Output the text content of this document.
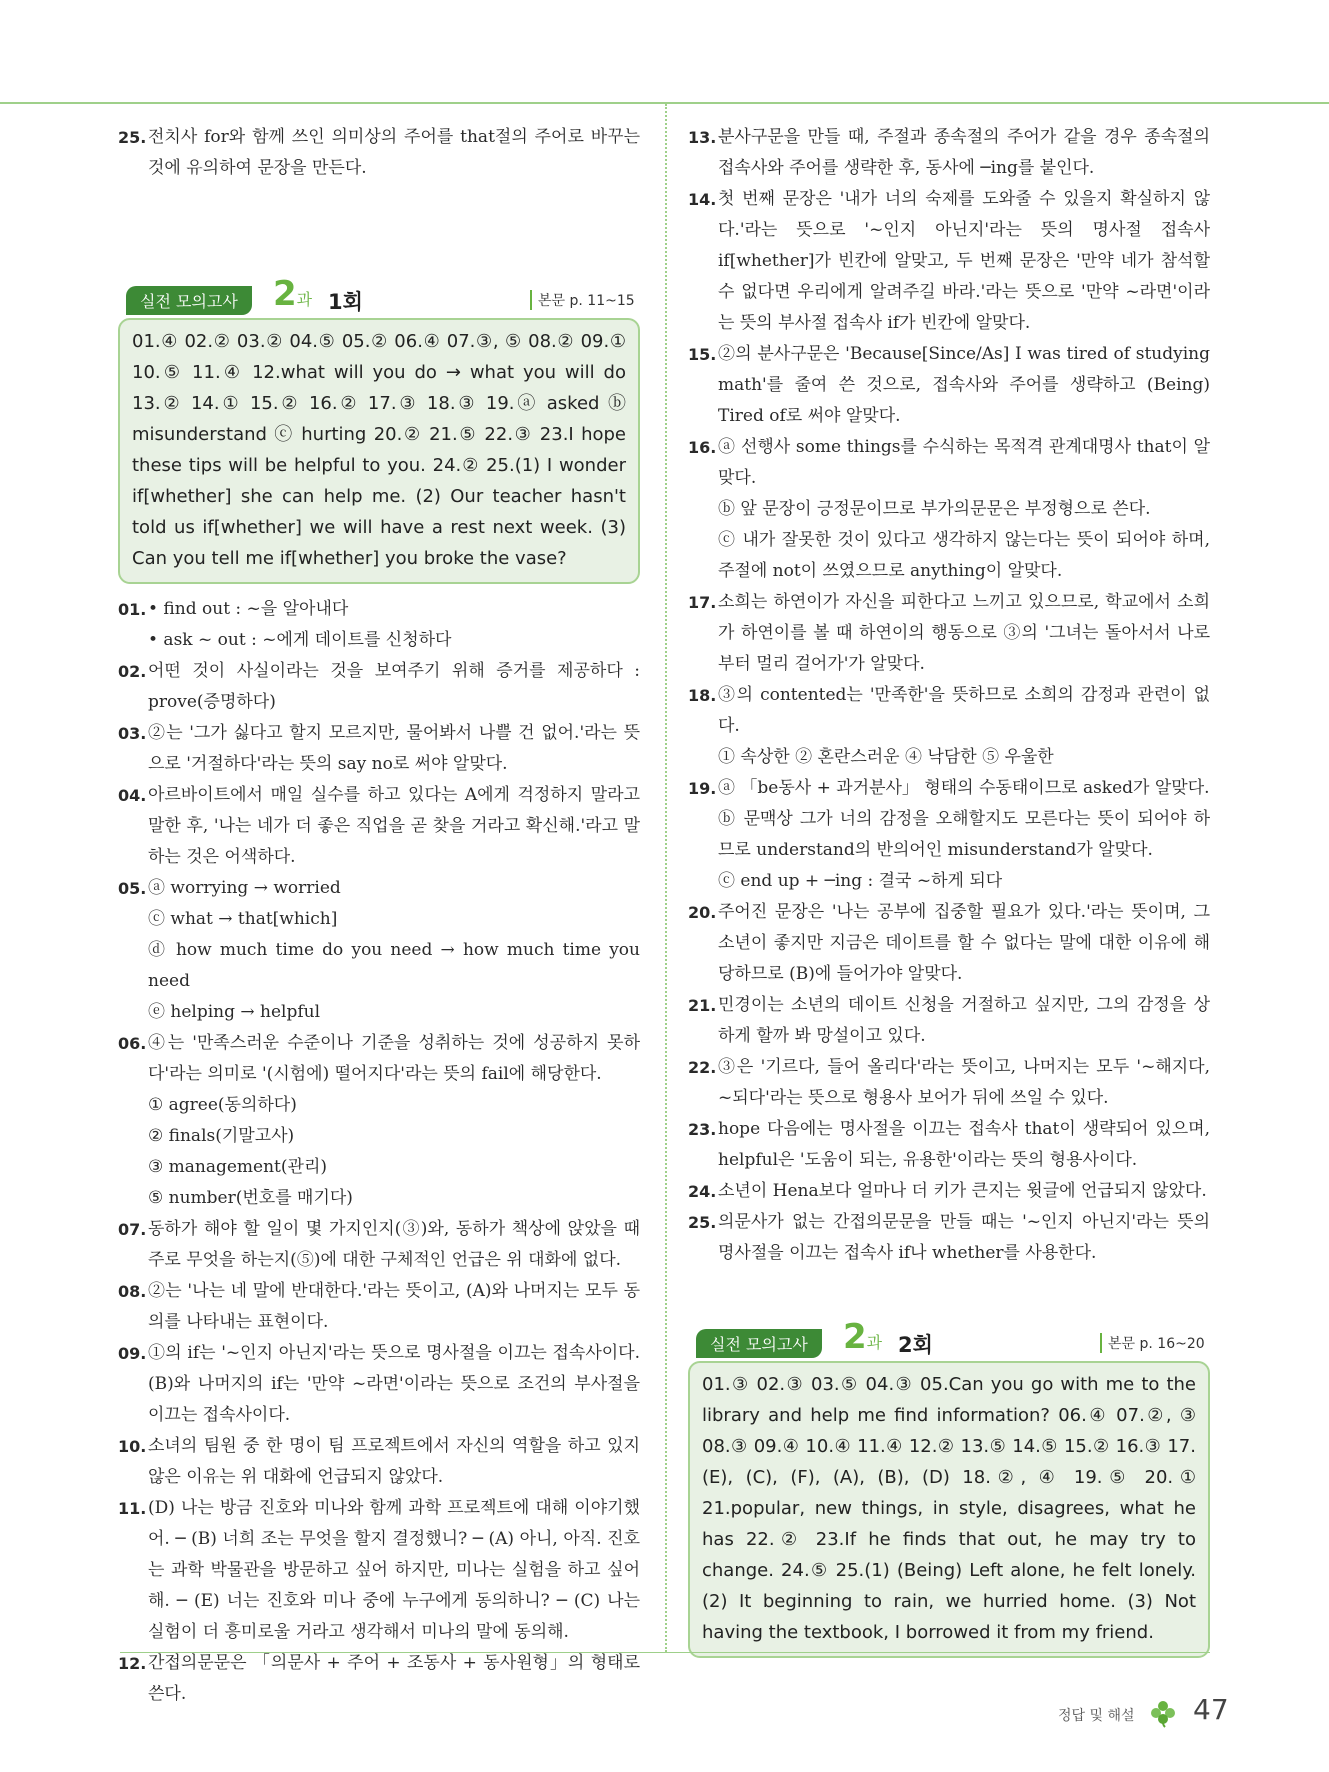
25. 전치사 for와 함께 쓰인 의미상의 주어를 that절의 주어로 바꾸는 것에 유의하여 문장을 만든다.

실전 모의고사	2과 1회	본문 p. 11~15
01.④ 02.② 03.② 04.⑤ 05.② 06.④ 07.③, ⑤ 08.② 09.① 10.⑤ 11.④ 12.what will you do → what you will do 13.② 14.① 15.② 16.② 17.③ 18.③ 19.ⓐ asked ⓑ misunderstand ⓒ hurting 20.② 21.⑤ 22.③ 23.I hope these tips will be helpful to you. 24.② 25.(1) I wonder if[whether] she can help me. (2) Our teacher hasn't told us if[whether] we will have a rest next week. (3) Can you tell me if[whether] you broke the vase?
01. • find out : ~을 알아내다

• ask ~ out : ~에게 데이트를 신청하다

02. 어떤 것이 사실이라는 것을 보여주기 위해 증거를 제공하다 : prove(증명하다)

03. ②는 '그가 싫다고 할지 모르지만, 물어봐서 나쁠 건 없어.'라는 뜻으로 '거절하다'라는 뜻의 say no로 써야 알맞다.

04. 아르바이트에서 매일 실수를 하고 있다는 A에게 걱정하지 말라고 말한 후, '나는 네가 더 좋은 직업을 곧 찾을 거라고 확신해.'라고 말하는 것은 어색하다.

05. ⓐ worrying → worried

ⓒ what → that[which]

ⓓ how much time do you need → how much time you need

ⓔ helping → helpful

06. ④는 '만족스러운 수준이나 기준을 성취하는 것에 성공하지 못하다'라는 의미로 '(시험에) 떨어지다'라는 뜻의 fail에 해당한다.

① agree(동의하다)

② finals(기말고사)

③ management(관리)

⑤ number(번호를 매기다)

07. 동하가 해야 할 일이 몇 가지인지(③)와, 동하가 책상에 앉았을 때 주로 무엇을 하는지(⑤)에 대한 구체적인 언급은 위 대화에 없다.

08. ②는 '나는 네 말에 반대한다.'라는 뜻이고, (A)와 나머지는 모두 동의를 나타내는 표현이다.

09. ①의 if는 '~인지 아닌지'라는 뜻으로 명사절을 이끄는 접속사이다. (B)와 나머지의 if는 '만약 ~라면'이라는 뜻으로 조건의 부사절을 이끄는 접속사이다.

10. 소녀의 팀원 중 한 명이 팀 프로젝트에서 자신의 역할을 하고 있지 않은 이유는 위 대화에 언급되지 않았다.

11. (D) 나는 방금 진호와 미나와 함께 과학 프로젝트에 대해 이야기했어. ─ (B) 너희 조는 무엇을 할지 결정했니? ─ (A) 아니, 아직. 진호는 과학 박물관을 방문하고 싶어 하지만, 미나는 실험을 하고 싶어 해. ─ (E) 너는 진호와 미나 중에 누구에게 동의하니? ─ (C) 나는 실험이 더 흥미로울 거라고 생각해서 미나의 말에 동의해.

12. 간접의문문은 「의문사 + 주어 + 조동사 + 동사원형」의 형태로 쓴다.

13. 분사구문을 만들 때, 주절과 종속절의 주어가 같을 경우 종속절의 접속사와 주어를 생략한 후, 동사에 ─ing를 붙인다.

14. 첫 번째 문장은 '내가 너의 숙제를 도와줄 수 있을지 확실하지 않다.'라는 뜻으로 '~인지 아닌지'라는 뜻의 명사절 접속사 if[whether]가 빈칸에 알맞고, 두 번째 문장은 '만약 네가 참석할 수 없다면 우리에게 알려주길 바라.'라는 뜻으로 '만약 ~라면'이라는 뜻의 부사절 접속사 if가 빈칸에 알맞다.

15. ②의 분사구문은 'Because[Since/As] I was tired of studying math'를 줄여 쓴 것으로, 접속사와 주어를 생략하고 (Being) Tired of로 써야 알맞다.

16. ⓐ 선행사 some things를 수식하는 목적격 관계대명사 that이 알맞다.

ⓑ 앞 문장이 긍정문이므로 부가의문문은 부정형으로 쓴다.

ⓒ 내가 잘못한 것이 있다고 생각하지 않는다는 뜻이 되어야 하며, 주절에 not이 쓰였으므로 anything이 알맞다.

17. 소희는 하연이가 자신을 피한다고 느끼고 있으므로, 학교에서 소희가 하연이를 볼 때 하연이의 행동으로 ③의 '그녀는 돌아서서 나로부터 멀리 걸어가'가 알맞다.

18. ③의 contented는 '만족한'을 뜻하므로 소희의 감정과 관련이 없다.

① 속상한 ② 혼란스러운 ④ 낙담한 ⑤ 우울한

19. ⓐ 「be동사 + 과거분사」 형태의 수동태이므로 asked가 알맞다.

ⓑ 문맥상 그가 너의 감정을 오해할지도 모른다는 뜻이 되어야 하므로 understand의 반의어인 misunderstand가 알맞다.

ⓒ end up + ─ing : 결국 ~하게 되다

20. 주어진 문장은 '나는 공부에 집중할 필요가 있다.'라는 뜻이며, 그 소년이 좋지만 지금은 데이트를 할 수 없다는 말에 대한 이유에 해당하므로 (B)에 들어가야 알맞다.

21. 민경이는 소년의 데이트 신청을 거절하고 싶지만, 그의 감정을 상하게 할까 봐 망설이고 있다.

22. ③은 '기르다, 들어 올리다'라는 뜻이고, 나머지는 모두 '~해지다, ~되다'라는 뜻으로 형용사 보어가 뒤에 쓰일 수 있다.

23. hope 다음에는 명사절을 이끄는 접속사 that이 생략되어 있으며, helpful은 '도움이 되는, 유용한'이라는 뜻의 형용사이다.

24. 소년이 Hena보다 얼마나 더 키가 큰지는 윗글에 언급되지 않았다.

25. 의문사가 없는 간접의문문을 만들 때는 '~인지 아닌지'라는 뜻의 명사절을 이끄는 접속사 if나 whether를 사용한다.

실전 모의고사	2과 2회	본문 p. 16~20
01.③ 02.③ 03.⑤ 04.③ 05.Can you go with me to the library and help me find information? 06.④ 07.②, ③ 08.③ 09.④ 10.④ 11.④ 12.② 13.⑤ 14.⑤ 15.② 16.③ 17.(E), (C), (F), (A), (B), (D) 18.②, ④ 19.⑤ 20.① 21.popular, new things, in style, disagrees, what he has 22.② 23.If he finds that out, he may try to change. 24.⑤ 25.(1) (Being) Left alone, he felt lonely. (2) It beginning to rain, we hurried home. (3) Not having the textbook, I borrowed it from my friend.
정답 및 해설 47
